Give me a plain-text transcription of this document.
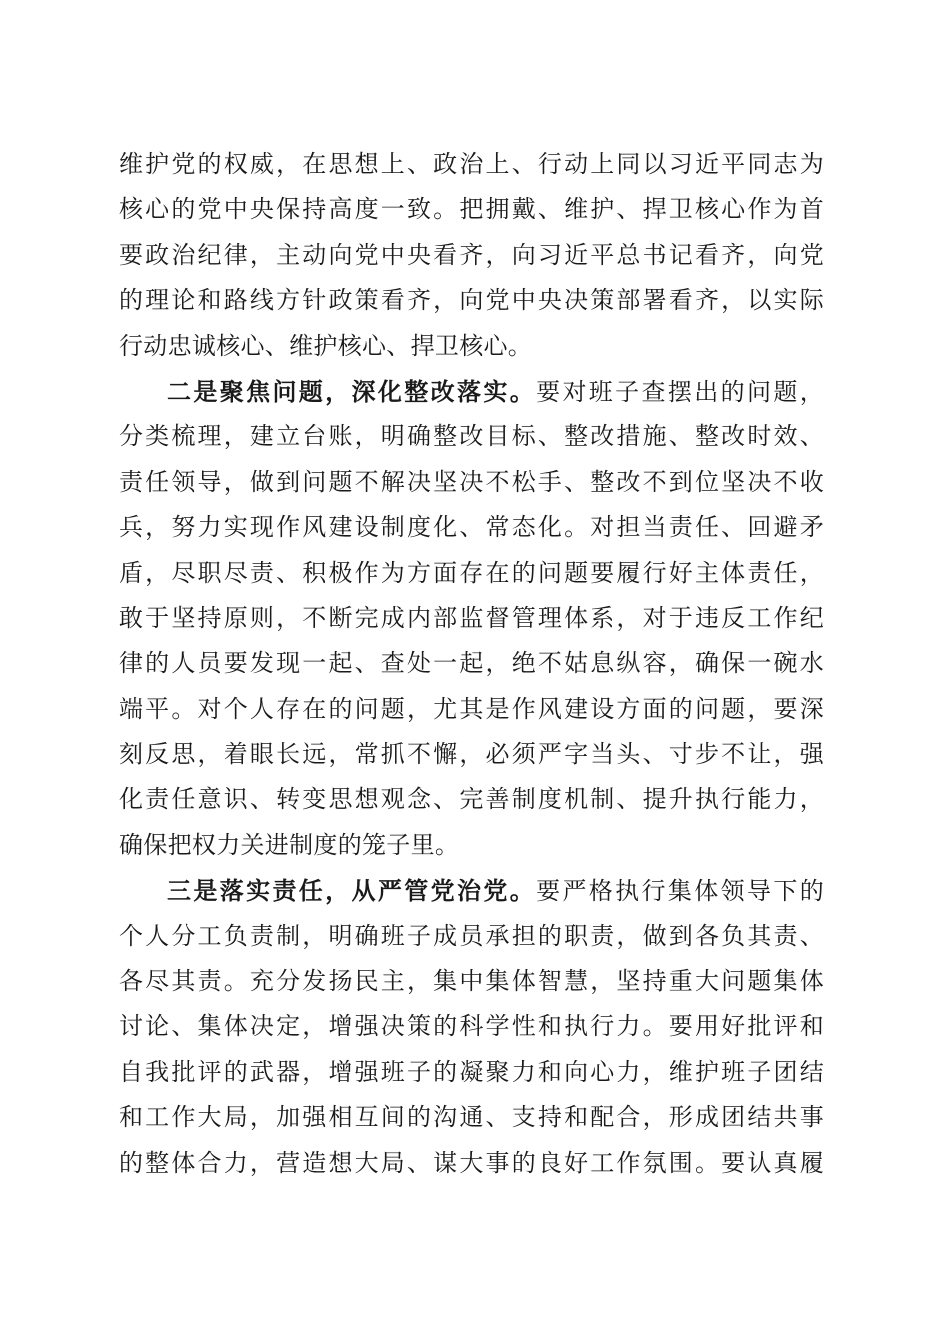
维护党的权威，在思想上、政治上、行动上同以习近平同志为
核心的党中央保持高度一致。把拥戴、维护、捍卫核心作为首
要政治纪律，主动向党中央看齐，向习近平总书记看齐，向党
的理论和路线方针政策看齐，向党中央决策部署看齐，以实际
行动忠诚核心、维护核心、捍卫核心。
二是聚焦问题，深化整改落实。要对班子查摆出的问题，
分类梳理，建立台账，明确整改目标、整改措施、整改时效、
责任领导，做到问题不解决坚决不松手、整改不到位坚决不收
兵，努力实现作风建设制度化、常态化。对担当责任、回避矛
盾，尽职尽责、积极作为方面存在的问题要履行好主体责任，
敢于坚持原则，不断完成内部监督管理体系，对于违反工作纪
律的人员要发现一起、查处一起，绝不姑息纵容，确保一碗水
端平。对个人存在的问题，尤其是作风建设方面的问题，要深
刻反思，着眼长远，常抓不懈，必须严字当头、寸步不让，强
化责任意识、转变思想观念、完善制度机制、提升执行能力，
确保把权力关进制度的笼子里。
三是落实责任，从严管党治党。要严格执行集体领导下的
个人分工负责制，明确班子成员承担的职责，做到各负其责、
各尽其责。充分发扬民主，集中集体智慧，坚持重大问题集体
讨论、集体决定，增强决策的科学性和执行力。要用好批评和
自我批评的武器，增强班子的凝聚力和向心力，维护班子团结
和工作大局，加强相互间的沟通、支持和配合，形成团结共事
的整体合力，营造想大局、谋大事的良好工作氛围。要认真履
